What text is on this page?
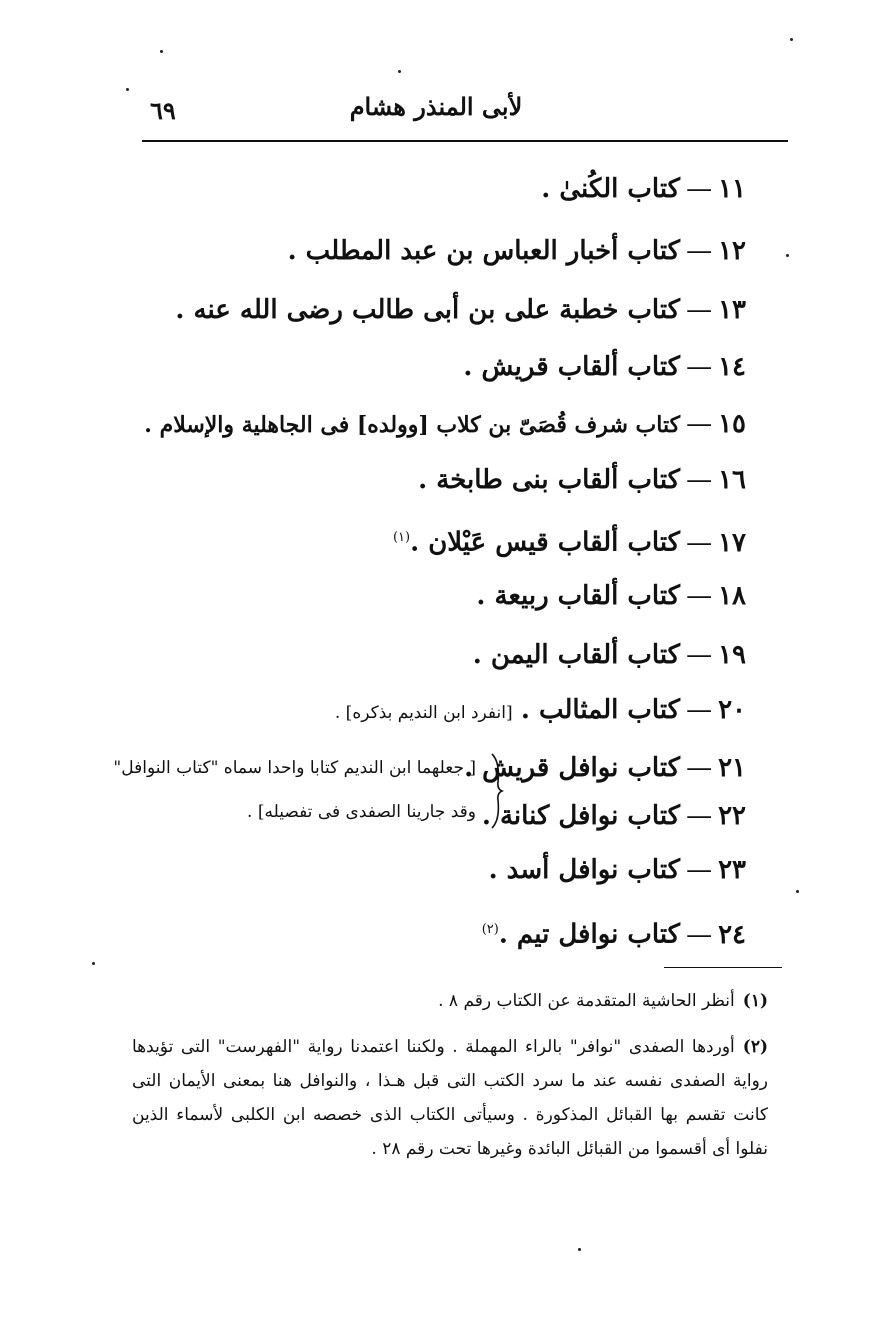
لأبى المنذر هشام
٦٩
١١—كتاب الكُنىٰ .
١٢—كتاب أخبار العباس بن عبد المطلب .
١٣—كتاب خطبة على بن أبى طالب رضى الله عنه .
١٤—كتاب ألقاب قريش .
١٥—كتاب شرف قُصَىّ بن كلاب [وولده] فى الجاهلية والإسلام .
١٦—كتاب ألقاب بنى طابخة .
١٧—كتاب ألقاب قيس عَيْلان .$^{(١)}$
١٨—كتاب ألقاب ربيعة .
١٩—كتاب ألقاب اليمن .
٢٠—كتاب المثالب . [انفرد ابن النديم بذكره] .
٢١—كتاب نوافل قريش .
٢٢—كتاب نوافل كنانة .
[ جعلهما ابن النديم كتابا واحدا سماه "كتاب النوافل"
وقد جارينا الصفدى فى تفصيله] .
٢٣—كتاب نوافل أسد .
٢٤—كتاب نوافل تيم .$^{(٢)}$
(١)أنظر الحاشية المتقدمة عن الكتاب رقم ٨ .
(٢)أوردها الصفدى "نوافر" بالراء المهملة . ولكننا اعتمدنا رواية "الفهرست" التى تؤيدها رواية الصفدى نفسه عند ما سرد الكتب التى قبل هـذا ، والنوافل هنا بمعنى الأيمان التى كانت تقسم بها القبائل المذكورة . وسيأتى الكتاب الذى خصصه ابن الكلبى لأسماء الذين نفلوا أى أقسموا من القبائل البائدة وغيرها تحت رقم ٢٨ .
